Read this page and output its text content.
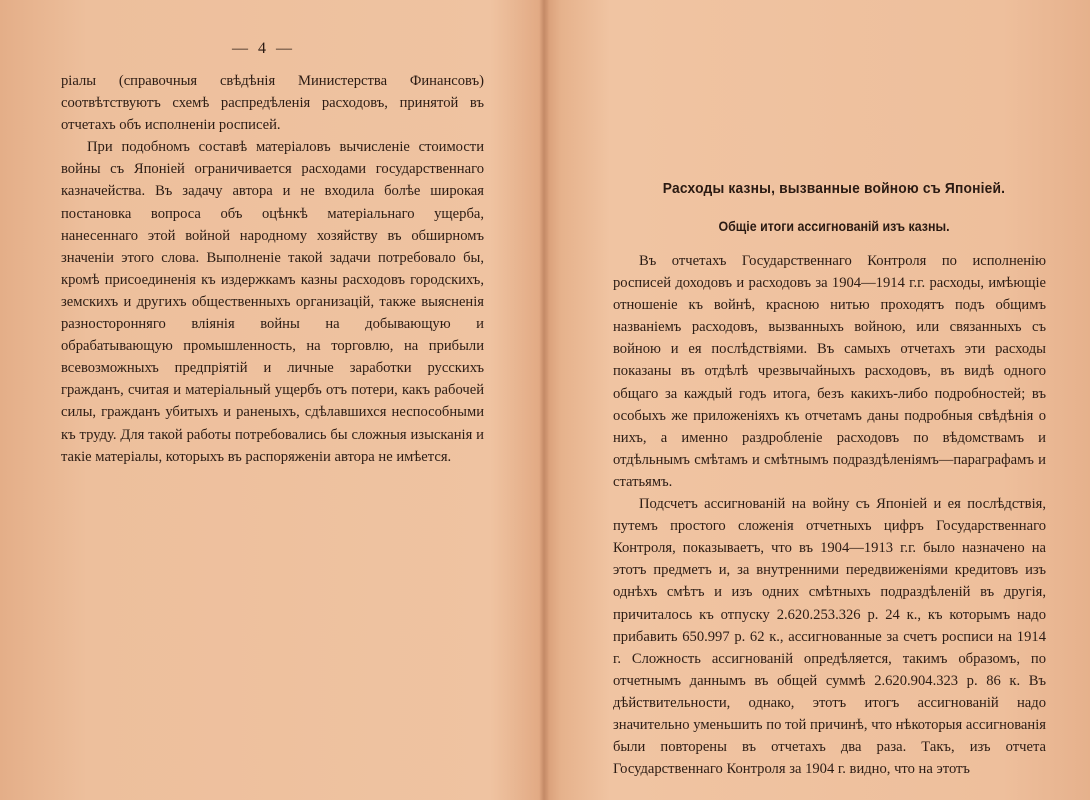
— 4 —

ріалы (справочныя свѣдѣнія Министерства Финансовъ) соотвѣтствуютъ схемѣ распредѣленія расходовъ, принятой въ отчетахъ объ исполненіи росписей.

При подобномъ составѣ матеріаловъ вычисленіе стоимости войны съ Японіей ограничивается расходами государственнаго казначейства. Въ задачу автора и не входила болѣе широкая постановка вопроса объ оцѣнкѣ матеріальнаго ущерба, нанесеннаго этой войной народному хозяйству въ обширномъ значеніи этого слова. Выполненіе такой задачи потребовало бы, кромѣ присоединенія къ издержкамъ казны расходовъ городскихъ, земскихъ и другихъ общественныхъ организацій, также выясненія разносторонняго вліянія войны на добывающую и обрабатывающую промышленность, на торговлю, на прибыли всевозможныхъ предпріятій и личные заработки русскихъ гражданъ, считая и матеріальный ущербъ отъ потери, какъ рабочей силы, гражданъ убитыхъ и раненыхъ, сдѣлавшихся неспособными къ труду. Для такой работы потребовались бы сложныя изысканія и такіе матеріалы, которыхъ въ распоряженіи автора не имѣется.

Расходы казны, вызванные войною съ Японіей.
Общіе итоги ассигнованій изъ казны.

Въ отчетахъ Государственнаго Контроля по исполненію росписей доходовъ и расходовъ за 1904—1914 г.г. расходы, имѣющіе отношеніе къ войнѣ, красною нитью проходятъ подъ общимъ названіемъ расходовъ, вызванныхъ войною, или связанныхъ съ войною и ея послѣдствіями. Въ самыхъ отчетахъ эти расходы показаны въ отдѣлѣ чрезвычайныхъ расходовъ, въ видѣ одного общаго за каждый годъ итога, безъ какихъ-либо подробностей; въ особыхъ же приложеніяхъ къ отчетамъ даны подробныя свѣдѣнія о нихъ, а именно раздробленіе расходовъ по вѣдомствамъ и отдѣльнымъ смѣтамъ и смѣтнымъ подраздѣленіямъ—параграфамъ и статьямъ.

Подсчетъ ассигнованій на войну съ Японіей и ея послѣдствія, путемъ простого сложенія отчетныхъ цифръ Государственнаго Контроля, показываетъ, что въ 1904—1913 г.г. было назначено на этотъ предметъ и, за внутренними передвиженіями кредитовъ изъ однѣхъ смѣтъ и изъ одних смѣтныхъ подраздѣленій въ другія, причиталось къ отпуску 2.620.253.326 р. 24 к., къ которымъ надо прибавить 650.997 р. 62 к., ассигнованные за счетъ росписи на 1914 г. Сложность ассигнованій опредѣляется, такимъ образомъ, по отчетнымъ даннымъ въ общей суммѣ 2.620.904.323 р. 86 к. Въ дѣйствительности, однако, этотъ итогъ ассигнованій надо значительно уменьшить по той причинѣ, что нѣкоторыя ассигнованія были повторены въ отчетахъ два раза. Такъ, изъ отчета Государственнаго Контроля за 1904 г. видно, что на этотъ
